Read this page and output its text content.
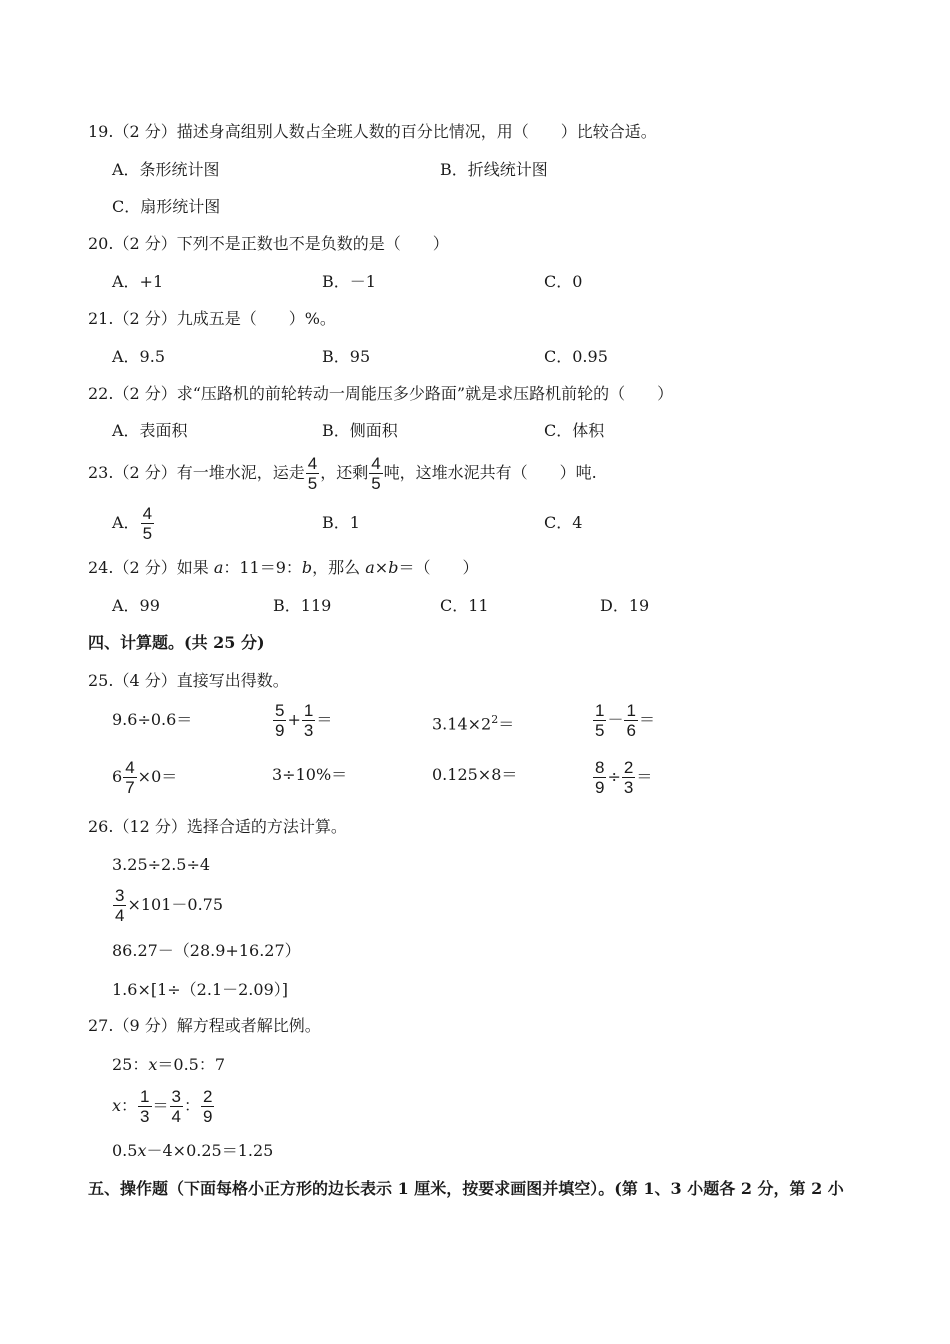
19.（2 分）描述身高组别人数占全班人数的百分比情况，用（　　）比较合适。
A．条形统计图	B．折线统计图
C．扇形统计图
20.（2 分）下列不是正数也不是负数的是（　　）
A．+1	B．－1	C．0
21.（2 分）九成五是（　　）%。
A．9.5	B．95	C．0.95
22.（2 分）求“压路机的前轮转动一周能压多少路面”就是求压路机前轮的（　　）
A．表面积	B．侧面积	C．体积
23.（2 分）有一堆水泥，运走 $\frac{4}{5}$ ，还剩 $\frac{4}{5}$ 吨，这堆水泥共有（　　）吨.
A． $\frac{4}{5}$	B．1	C．4
24.（2 分）如果 a：11＝9：b，那么 a×b＝（　　）
A．99	B．119	C．11	D．19
四、计算题。(共 25 分)
25.（4 分）直接写出得数。
9.6÷0.6＝	$\frac{5}{9} + \frac{1}{3}$ ＝	$3.14\times 2^2=$	$\frac{1}{5} - \frac{1}{6}$ ＝
$6 \frac{4}{7} \times 0=$	3÷10%＝	0.125×8＝	$\frac{8}{9} \div \frac{2}{3}$ ＝
26.（12 分）选择合适的方法计算。
3.25÷2.5÷4
$\frac{3}{4} \times 101-0.75$
86.27－（28.9+16.27）
1.6×[1÷（2.1－2.09）]
27.（9 分）解方程或者解比例。
25：x＝0.5：7
x： $\frac{1}{3} = \frac{3}{4}$ ： $\frac{2}{9}$
0.5x－4×0.25＝1.25
五、操作题（下面每格小正方形的边长表示 1 厘米，按要求画图并填空）。(第 1、3 小题各 2 分，第 2 小
